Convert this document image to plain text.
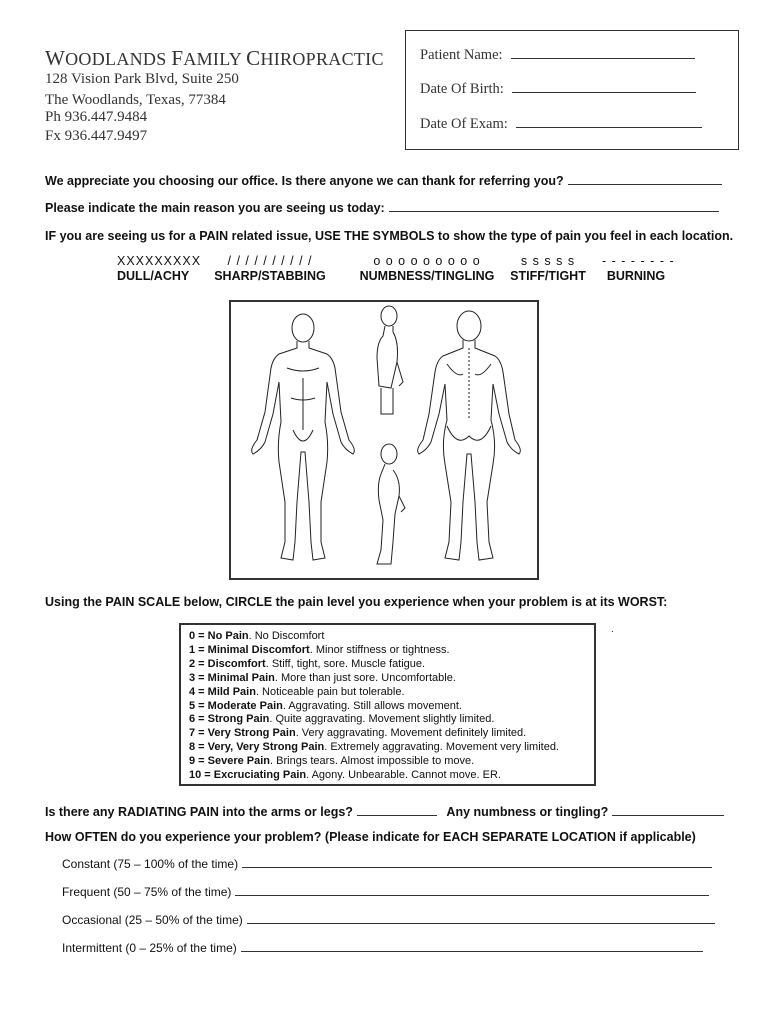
WOODLANDS FAMILY CHIROPRACTIC
128 Vision Park Blvd, Suite 250
The Woodlands, Texas, 77384
Ph 936.447.9484
Fx 936.447.9497
Patient Name:
Date Of Birth:
Date Of Exam:
We appreciate you choosing our office. Is there anyone we can thank for referring you?
Please indicate the main reason you are seeing us today:
IF you are seeing us for a PAIN related issue, USE THE SYMBOLS to show the type of pain you feel in each location.
XXXXXXXXX
DULL/ACHY
/ / / / / / / / / /
SHARP/STABBING
o o o o o o o o o
NUMBNESS/TINGLING
s s s s s
STIFF/TIGHT
- - - - - - - -
BURNING
Using the PAIN SCALE below, CIRCLE the pain level you experience when your problem is at its WORST:
0 = No Pain. No Discomfort
1 = Minimal Discomfort. Minor stiffness or tightness.
2 = Discomfort. Stiff, tight, sore. Muscle fatigue.
3 = Minimal Pain. More than just sore. Uncomfortable.
4 = Mild Pain. Noticeable pain but tolerable.
5 = Moderate Pain. Aggravating. Still allows movement.
6 = Strong Pain. Quite aggravating. Movement slightly limited.
7 = Very Strong Pain. Very aggravating. Movement definitely limited.
8 = Very, Very Strong Pain. Extremely aggravating. Movement very limited.
9 = Severe Pain. Brings tears. Almost impossible to move.
10 = Excruciating Pain. Agony. Unbearable. Cannot move. ER.
.
Is there any RADIATING PAIN into the arms or legs?	Any numbness or tingling?
How OFTEN do you experience your problem? (Please indicate for EACH SEPARATE LOCATION if applicable)
Constant (75 – 100% of the time)
Frequent (50 – 75% of the time)
Occasional (25 – 50% of the time)
Intermittent (0 – 25% of the time)
